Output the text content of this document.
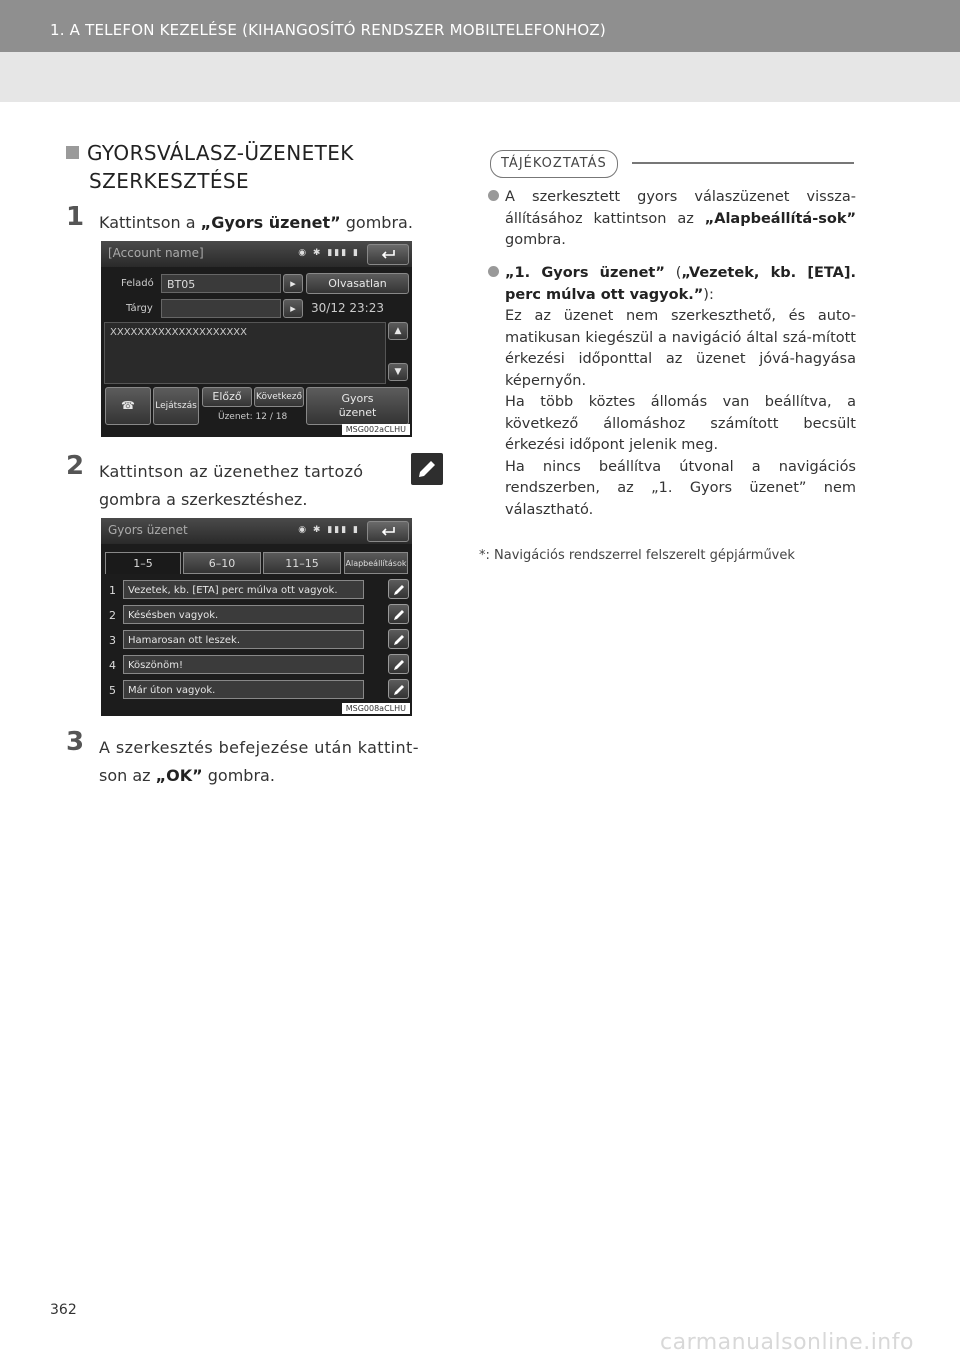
1. A TELEFON KEZELÉSE (KIHANGOSÍTÓ RENDSZER MOBILTELEFONHOZ)
GYORSVÁLASZ-ÜZENETEK
SZERKESZTÉSE
1 Kattintson a „Gyors üzenet” gombra.
[Account name]	◉ ✱ ▮▮▮ ▮
Feladó	BT05	▸	Olvasatlan
Tárgy	▸	30/12 23:23
XXXXXXXXXXXXXXXXXXXX	▲
▼
☎	Lejátszás
Előző	Következő
Üzenet: 12 / 18
Gyors
üzenet
MSG002aCLHU
2 Kattintson az üzenethez tartozó
gombra a szerkesztéshez.
Gyors üzenet	◉ ✱ ▮▮▮ ▮
1–5	6–10	11–15	Alapbeállítások
1	Vezetek, kb. [ETA] perc múlva ott vagyok.
2	Késésben vagyok.
3	Hamarosan ott leszek.
4	Köszönöm!
5	Már úton vagyok.
MSG008aCLHU
3 A szerkesztés befejezése után kattint-
son az „OK” gombra.
TÁJÉKOZTATÁS
A szerkesztett gyors válaszüzenet vissza-állításához kattintson az „Alapbeállítá-sok” gombra.
„1. Gyors üzenet” („Vezetek, kb. [ETA]. perc múlva ott vagyok.”):
Ez az üzenet nem szerkeszthető, és auto-matikusan kiegészül a navigáció által szá-mított érkezési időponttal az üzenet jóvá-hagyása képernyőn.
Ha több köztes állomás van beállítva, a következő állomáshoz számított becsült érkezési időpont jelenik meg.
Ha nincs beállítva útvonal a navigációs rendszerben, az „1. Gyors üzenet” nem választható.
*: Navigációs rendszerrel felszerelt gépjárművek
362
carmanualsonline.info
